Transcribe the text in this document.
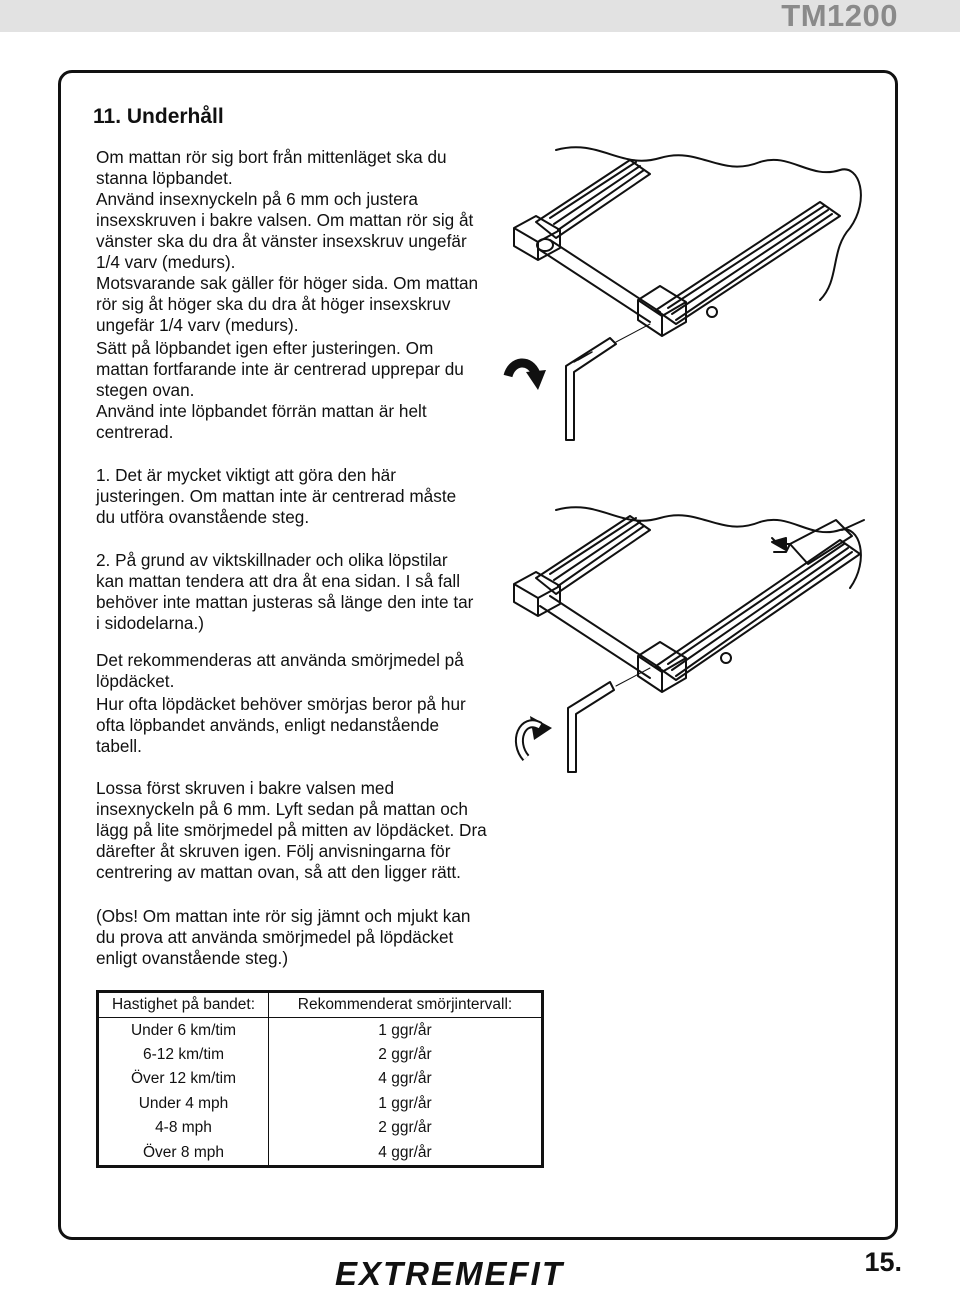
TM1200
11. Underhåll

Om mattan rör sig bort från mittenläget ska du stanna löpbandet.

Använd insexnyckeln på 6 mm och justera insexskruven i bakre valsen. Om mattan rör sig åt vänster ska du dra åt vänster insexskruv ungefär 1/4 varv (medurs).

Motsvarande sak gäller för höger sida. Om mattan rör sig åt höger ska du dra åt höger insexskruv ungefär 1/4 varv (medurs).

Sätt på löpbandet igen efter justeringen. Om mattan fortfarande inte är centrerad upprepar du stegen ovan.

Använd inte löpbandet förrän mattan är helt centrerad.

1. Det är mycket viktigt att göra den här justeringen. Om mattan inte är centrerad måste du utföra ovanstående steg.

2. På grund av viktskillnader och olika löpstilar kan mattan tendera att dra åt ena sidan. I så fall behöver inte mattan justeras så länge den inte tar i sidodelarna.)

Det rekommenderas att använda smörjmedel på löpdäcket.

Hur ofta löpdäcket behöver smörjas beror på hur ofta löpbandet används, enligt nedanstående tabell.

Lossa först skruven i bakre valsen med insexnyckeln på 6 mm. Lyft sedan på mattan och lägg på lite smörjmedel på mitten av löpdäcket. Dra därefter åt skruven igen. Följ anvisningarna för centrering av mattan ovan, så att den ligger rätt.

(Obs! Om mattan inte rör sig jämnt och mjukt kan du prova att använda smörjmedel på löpdäcket enligt ovanstående steg.)

Hastighet på bandet:	Rekommenderat smörjintervall:
Under 6 km/tim	1 ggr/år
6-12 km/tim	2 ggr/år
Över 12 km/tim	4 ggr/år
Under 4 mph	1 ggr/år
4-8 mph	2 ggr/år
Över 8 mph	4 ggr/år
EXTREMEFIT	15.
